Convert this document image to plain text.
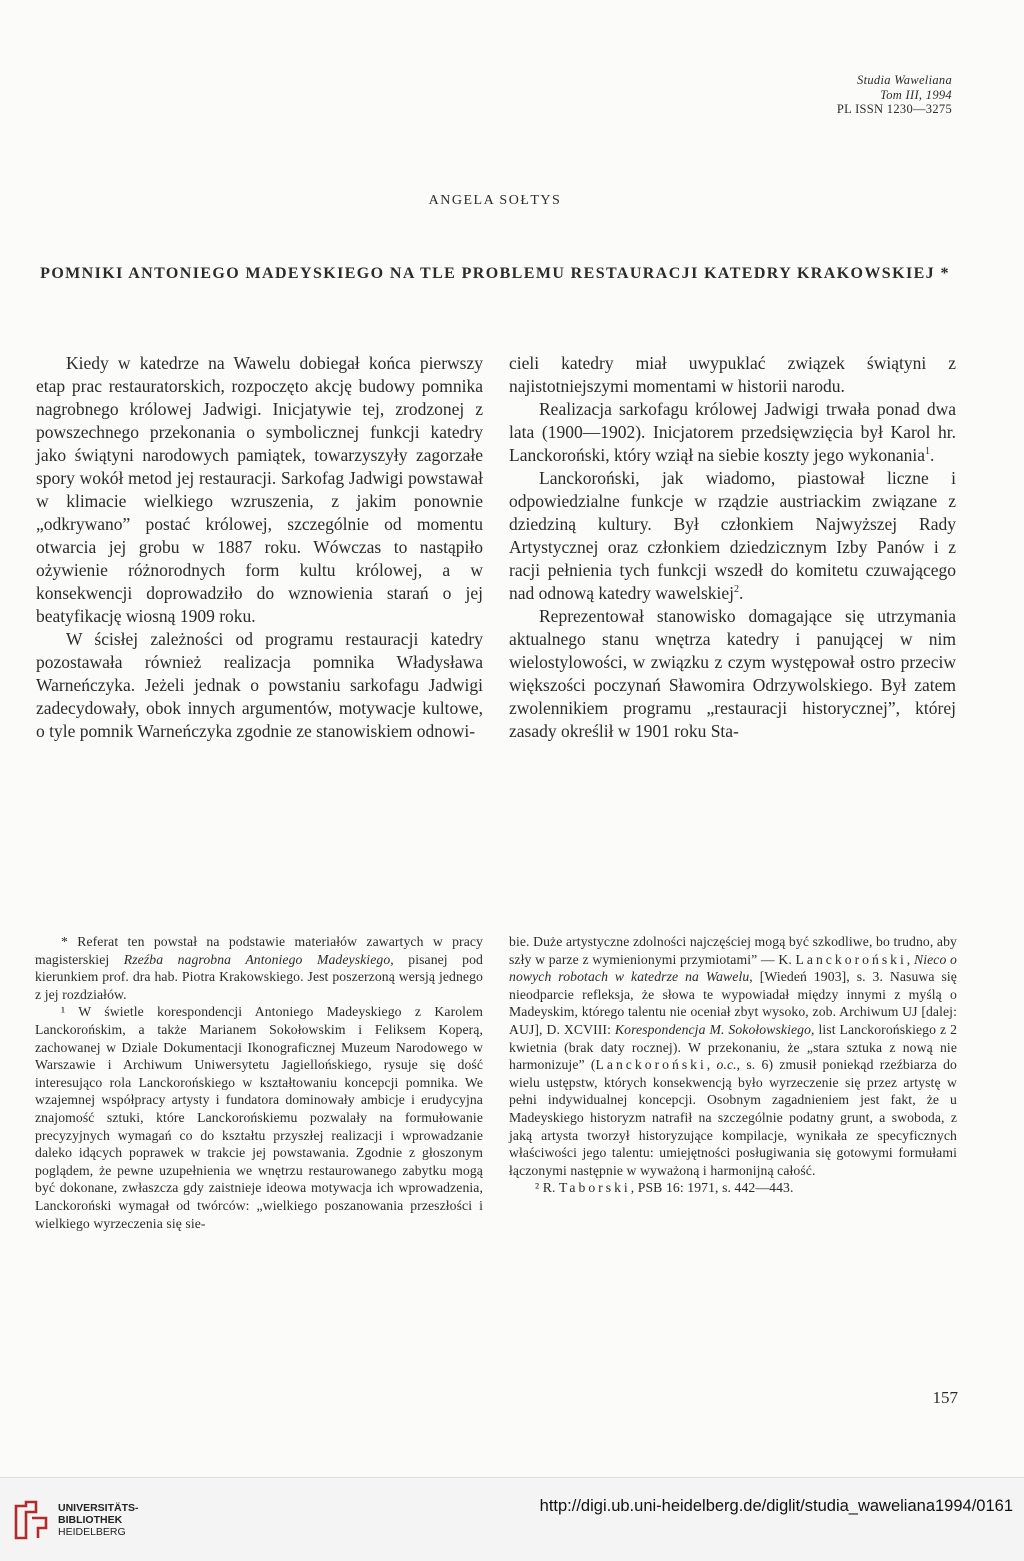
Studia Waweliana
Tom III, 1994
PL ISSN 1230—3275
ANGELA SOŁTYS
POMNIKI ANTONIEGO MADEYSKIEGO NA TLE PROBLEMU RESTAURACJI KATEDRY KRAKOWSKIEJ *

Kiedy w katedrze na Wawelu dobiegał końca pierwszy etap prac restauratorskich, rozpoczęto akcję budowy pomnika nagrobnego królowej Jadwigi. Inicjatywie tej, zrodzonej z powszechnego przekonania o symbolicznej funkcji katedry jako świątyni narodowych pamiątek, towarzyszyły zagorzałe spory wokół metod jej restauracji. Sarkofag Jadwigi powstawał w klimacie wielkiego wzruszenia, z jakim ponownie „odkrywano” postać królowej, szczególnie od momentu otwarcia jej grobu w 1887 roku. Wówczas to nastąpiło ożywienie różnorodnych form kultu królowej, a w konsekwencji doprowadziło do wznowienia starań o jej beatyfikację wiosną 1909 roku.

W ścisłej zależności od programu restauracji katedry pozostawała również realizacja pomnika Władysława Warneńczyka. Jeżeli jednak o powstaniu sarkofagu Jadwigi zadecydowały, obok innych argumentów, motywacje kultowe, o tyle pomnik Warneńczyka zgodnie ze stanowiskiem odnowi-

cieli katedry miał uwypuklać związek świątyni z najistotniejszymi momentami w historii narodu.

Realizacja sarkofagu królowej Jadwigi trwała ponad dwa lata (1900—1902). Inicjatorem przedsięwzięcia był Karol hr. Lanckoroński, który wziął na siebie koszty jego wykonania$^1$.

Lanckoroński, jak wiadomo, piastował liczne i odpowiedzialne funkcje w rządzie austriackim związane z dziedziną kultury. Był członkiem Najwyższej Rady Artystycznej oraz członkiem dziedzicznym Izby Panów i z racji pełnienia tych funkcji wszedł do komitetu czuwającego nad odnową katedry wawelskiej$^2$.

Reprezentował stanowisko domagające się utrzymania aktualnego stanu wnętrza katedry i panującej w nim wielostylowości, w związku z czym występował ostro przeciw większości poczynań Sławomira Odrzywolskiego. Był zatem zwolennikiem programu „restauracji historycznej”, której zasady określił w 1901 roku Sta-

* Referat ten powstał na podstawie materiałów zawartych w pracy magisterskiej Rzeźba nagrobna Antoniego Madeyskiego, pisanej pod kierunkiem prof. dra hab. Piotra Krakowskiego. Jest poszerzoną wersją jednego z jej rozdziałów.

¹ W świetle korespondencji Antoniego Madeyskiego z Karolem Lanckorońskim, a także Marianem Sokołowskim i Feliksem Koperą, zachowanej w Dziale Dokumentacji Ikonograficznej Muzeum Narodowego w Warszawie i Archiwum Uniwersytetu Jagiellońskiego, rysuje się dość interesująco rola Lanckorońskiego w kształtowaniu koncepcji pomnika. We wzajemnej współpracy artysty i fundatora dominowały ambicje i erudycyjna znajomość sztuki, które Lanckorońskiemu pozwalały na formułowanie precyzyjnych wymagań co do kształtu przyszłej realizacji i wprowadzanie daleko idących poprawek w trakcie jej powstawania. Zgodnie z głoszonym poglądem, że pewne uzupełnienia we wnętrzu restaurowanego zabytku mogą być dokonane, zwłaszcza gdy zaistnieje ideowa motywacja ich wprowadzenia, Lanckoroński wymagał od twórców: „wielkiego poszanowania przeszłości i wielkiego wyrzeczenia się sie-

bie. Duże artystyczne zdolności najczęściej mogą być szkodliwe, bo trudno, aby szły w parze z wymienionymi przymiotami” — K. Lanckoroński, Nieco o nowych robotach w katedrze na Wawelu, [Wiedeń 1903], s. 3. Nasuwa się nieodparcie refleksja, że słowa te wypowiadał między innymi z myślą o Madeyskim, którego talentu nie oceniał zbyt wysoko, zob. Archiwum UJ [dalej: AUJ], D. XCVIII: Korespondencja M. Sokołowskiego, list Lanckorońskiego z 2 kwietnia (brak daty rocznej). W przekonaniu, że „stara sztuka z nową nie harmonizuje” (Lanckoroński, o.c., s. 6) zmusił poniekąd rzeźbiarza do wielu ustępstw, których konsekwencją było wyrzeczenie się przez artystę w pełni indywidualnej koncepcji. Osobnym zagadnieniem jest fakt, że u Madeyskiego historyzm natrafił na szczególnie podatny grunt, a swoboda, z jaką artysta tworzył historyzujące kompilacje, wynikała ze specyficznych właściwości jego talentu: umiejętności posługiwania się gotowymi formułami łączonymi następnie w wyważoną i harmonijną całość.

² R. Taborski, PSB 16: 1971, s. 442—443.

157
UNIVERSITÄTS-
BIBLIOTHEK
HEIDELBERG
http://digi.ub.uni-heidelberg.de/diglit/studia_waweliana1994/0161
